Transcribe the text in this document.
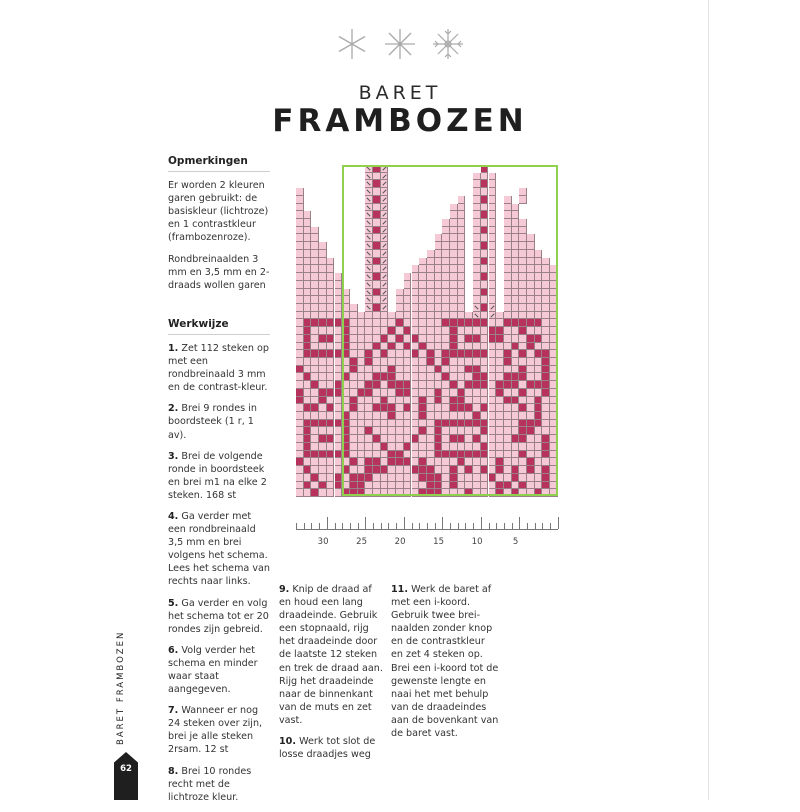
BARET
FRAMBOZEN
Opmerkingen

Er worden 2 kleuren garen gebruikt: de basiskleur (lichtroze) en 1 contrastkleur (frambozenroze).

Rondbreinaalden 3 mm en 3,5 mm en 2-draads wollen garen

Werkwijze

1. Zet 112 steken op met een rondbreinaald 3 mm en de contrast-kleur.

2. Brei 9 rondes in boordsteek (1 r, 1 av).

3. Brei de volgende ronde in boordsteek en brei m1 na elke 2 steken. 168 st

4. Ga verder met een rondbreinaald 3,5 mm en brei volgens het schema. Lees het schema van rechts naar links.

5. Ga verder en volg het schema tot er 20 rondes zijn gebreid.

6. Volg verder het schema en minder waar staat aangegeven.

7. Wanneer er nog 24 steken over zijn, brei je alle steken 2rsam. 12 st

8. Brei 10 rondes recht met de lichtroze kleur.

9. Knip de draad af en houd een lang draadeinde. Gebruik een stopnaald, rijg het draadeinde door de laatste 12 steken en trek de draad aan. Rijg het draadeinde naar de binnenkant van de muts en zet vast.

10. Werk tot slot de losse draadjes weg

11. Werk de baret af met een i-koord. Gebruik twee brei-naalden zonder knop en de contrastkleur en zet 4 steken op. Brei een i-koord tot de gewenste lengte en naai het met behulp van de draadeindes aan de bovenkant van de baret vast.

30	25	20	15	10	5
BARET FRAMBOZEN
62
